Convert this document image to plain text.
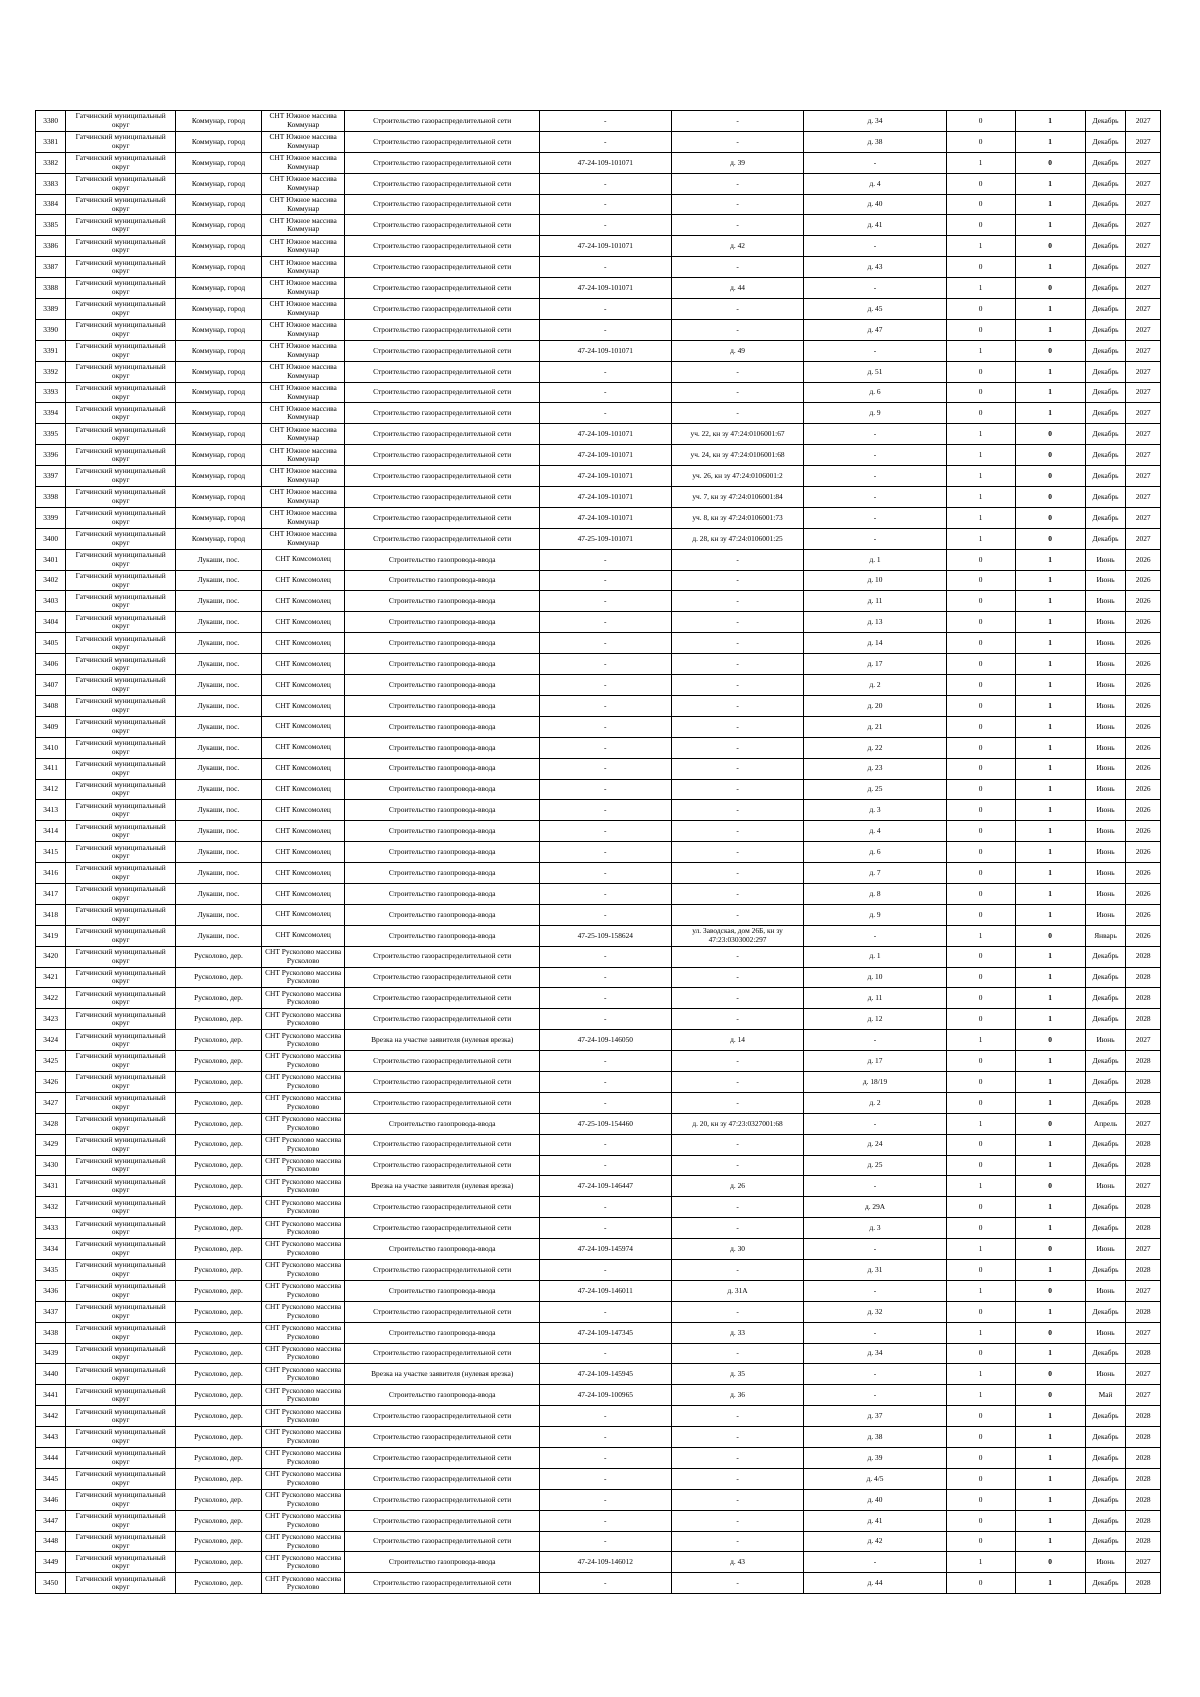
3380	Гатчинский муниципальный округ	Коммунар, город	СНТ Южное массива Коммунар	Строительство газораспределительной сети	-	-	д. 34	0	1	Декабрь	2027
3381	Гатчинский муниципальный округ	Коммунар, город	СНТ Южное массива Коммунар	Строительство газораспределительной сети	-	-	д. 38	0	1	Декабрь	2027
3382	Гатчинский муниципальный округ	Коммунар, город	СНТ Южное массива Коммунар	Строительство газораспределительной сети	47-24-109-101071	д. 39	-	1	0	Декабрь	2027
3383	Гатчинский муниципальный округ	Коммунар, город	СНТ Южное массива Коммунар	Строительство газораспределительной сети	-	-	д. 4	0	1	Декабрь	2027
3384	Гатчинский муниципальный округ	Коммунар, город	СНТ Южное массива Коммунар	Строительство газораспределительной сети	-	-	д. 40	0	1	Декабрь	2027
3385	Гатчинский муниципальный округ	Коммунар, город	СНТ Южное массива Коммунар	Строительство газораспределительной сети	-	-	д. 41	0	1	Декабрь	2027
3386	Гатчинский муниципальный округ	Коммунар, город	СНТ Южное массива Коммунар	Строительство газораспределительной сети	47-24-109-101071	д. 42	-	1	0	Декабрь	2027
3387	Гатчинский муниципальный округ	Коммунар, город	СНТ Южное массива Коммунар	Строительство газораспределительной сети	-	-	д. 43	0	1	Декабрь	2027
3388	Гатчинский муниципальный округ	Коммунар, город	СНТ Южное массива Коммунар	Строительство газораспределительной сети	47-24-109-101071	д. 44	-	1	0	Декабрь	2027
3389	Гатчинский муниципальный округ	Коммунар, город	СНТ Южное массива Коммунар	Строительство газораспределительной сети	-	-	д. 45	0	1	Декабрь	2027
3390	Гатчинский муниципальный округ	Коммунар, город	СНТ Южное массива Коммунар	Строительство газораспределительной сети	-	-	д. 47	0	1	Декабрь	2027
3391	Гатчинский муниципальный округ	Коммунар, город	СНТ Южное массива Коммунар	Строительство газораспределительной сети	47-24-109-101071	д. 49	-	1	0	Декабрь	2027
3392	Гатчинский муниципальный округ	Коммунар, город	СНТ Южное массива Коммунар	Строительство газораспределительной сети	-	-	д. 51	0	1	Декабрь	2027
3393	Гатчинский муниципальный округ	Коммунар, город	СНТ Южное массива Коммунар	Строительство газораспределительной сети	-	-	д. 6	0	1	Декабрь	2027
3394	Гатчинский муниципальный округ	Коммунар, город	СНТ Южное массива Коммунар	Строительство газораспределительной сети	-	-	д. 9	0	1	Декабрь	2027
3395	Гатчинский муниципальный округ	Коммунар, город	СНТ Южное массива Коммунар	Строительство газораспределительной сети	47-24-109-101071	уч. 22, кн зу 47:24:0106001:67	-	1	0	Декабрь	2027
3396	Гатчинский муниципальный округ	Коммунар, город	СНТ Южное массива Коммунар	Строительство газораспределительной сети	47-24-109-101071	уч. 24, кн зу 47:24:0106001:68	-	1	0	Декабрь	2027
3397	Гатчинский муниципальный округ	Коммунар, город	СНТ Южное массива Коммунар	Строительство газораспределительной сети	47-24-109-101071	уч. 26, кн зу 47:24:0106001:2	-	1	0	Декабрь	2027
3398	Гатчинский муниципальный округ	Коммунар, город	СНТ Южное массива Коммунар	Строительство газораспределительной сети	47-24-109-101071	уч. 7, кн зу 47:24:0106001:84	-	1	0	Декабрь	2027
3399	Гатчинский муниципальный округ	Коммунар, город	СНТ Южное массива Коммунар	Строительство газораспределительной сети	47-24-109-101071	уч. 8, кн зу 47:24:0106001:73	-	1	0	Декабрь	2027
3400	Гатчинский муниципальный округ	Коммунар, город	СНТ Южное массива Коммунар	Строительство газораспределительной сети	47-25-109-101071	д. 28, кн зу 47:24:0106001:25	-	1	0	Декабрь	2027
3401	Гатчинский муниципальный округ	Лукаши, пос.	СНТ Комсомолец	Строительство газопровода-ввода	-	-	д. 1	0	1	Июнь	2026
3402	Гатчинский муниципальный округ	Лукаши, пос.	СНТ Комсомолец	Строительство газопровода-ввода	-	-	д. 10	0	1	Июнь	2026
3403	Гатчинский муниципальный округ	Лукаши, пос.	СНТ Комсомолец	Строительство газопровода-ввода	-	-	д. 11	0	1	Июнь	2026
3404	Гатчинский муниципальный округ	Лукаши, пос.	СНТ Комсомолец	Строительство газопровода-ввода	-	-	д. 13	0	1	Июнь	2026
3405	Гатчинский муниципальный округ	Лукаши, пос.	СНТ Комсомолец	Строительство газопровода-ввода	-	-	д. 14	0	1	Июнь	2026
3406	Гатчинский муниципальный округ	Лукаши, пос.	СНТ Комсомолец	Строительство газопровода-ввода	-	-	д. 17	0	1	Июнь	2026
3407	Гатчинский муниципальный округ	Лукаши, пос.	СНТ Комсомолец	Строительство газопровода-ввода	-	-	д. 2	0	1	Июнь	2026
3408	Гатчинский муниципальный округ	Лукаши, пос.	СНТ Комсомолец	Строительство газопровода-ввода	-	-	д. 20	0	1	Июнь	2026
3409	Гатчинский муниципальный округ	Лукаши, пос.	СНТ Комсомолец	Строительство газопровода-ввода	-	-	д. 21	0	1	Июнь	2026
3410	Гатчинский муниципальный округ	Лукаши, пос.	СНТ Комсомолец	Строительство газопровода-ввода	-	-	д. 22	0	1	Июнь	2026
3411	Гатчинский муниципальный округ	Лукаши, пос.	СНТ Комсомолец	Строительство газопровода-ввода	-	-	д. 23	0	1	Июнь	2026
3412	Гатчинский муниципальный округ	Лукаши, пос.	СНТ Комсомолец	Строительство газопровода-ввода	-	-	д. 25	0	1	Июнь	2026
3413	Гатчинский муниципальный округ	Лукаши, пос.	СНТ Комсомолец	Строительство газопровода-ввода	-	-	д. 3	0	1	Июнь	2026
3414	Гатчинский муниципальный округ	Лукаши, пос.	СНТ Комсомолец	Строительство газопровода-ввода	-	-	д. 4	0	1	Июнь	2026
3415	Гатчинский муниципальный округ	Лукаши, пос.	СНТ Комсомолец	Строительство газопровода-ввода	-	-	д. 6	0	1	Июнь	2026
3416	Гатчинский муниципальный округ	Лукаши, пос.	СНТ Комсомолец	Строительство газопровода-ввода	-	-	д. 7	0	1	Июнь	2026
3417	Гатчинский муниципальный округ	Лукаши, пос.	СНТ Комсомолец	Строительство газопровода-ввода	-	-	д. 8	0	1	Июнь	2026
3418	Гатчинский муниципальный округ	Лукаши, пос.	СНТ Комсомолец	Строительство газопровода-ввода	-	-	д. 9	0	1	Июнь	2026
3419	Гатчинский муниципальный округ	Лукаши, пос.	СНТ Комсомолец	Строительство газопровода-ввода	47-25-109-158624	ул. Заводская, дом 26Б, кн зу 47:23:0303002:297	-	1	0	Январь	2026
3420	Гатчинский муниципальный округ	Русколово, дер.	СНТ Русколово массива Русколово	Строительство газораспределительной сети	-	-	д. 1	0	1	Декабрь	2028
3421	Гатчинский муниципальный округ	Русколово, дер.	СНТ Русколово массива Русколово	Строительство газораспределительной сети	-	-	д. 10	0	1	Декабрь	2028
3422	Гатчинский муниципальный округ	Русколово, дер.	СНТ Русколово массива Русколово	Строительство газораспределительной сети	-	-	д. 11	0	1	Декабрь	2028
3423	Гатчинский муниципальный округ	Русколово, дер.	СНТ Русколово массива Русколово	Строительство газораспределительной сети	-	-	д. 12	0	1	Декабрь	2028
3424	Гатчинский муниципальный округ	Русколово, дер.	СНТ Русколово массива Русколово	Врезка на участке заявителя (нулевая врезка)	47-24-109-146050	д. 14	-	1	0	Июнь	2027
3425	Гатчинский муниципальный округ	Русколово, дер.	СНТ Русколово массива Русколово	Строительство газораспределительной сети	-	-	д. 17	0	1	Декабрь	2028
3426	Гатчинский муниципальный округ	Русколово, дер.	СНТ Русколово массива Русколово	Строительство газораспределительной сети	-	-	д. 18/19	0	1	Декабрь	2028
3427	Гатчинский муниципальный округ	Русколово, дер.	СНТ Русколово массива Русколово	Строительство газораспределительной сети	-	-	д. 2	0	1	Декабрь	2028
3428	Гатчинский муниципальный округ	Русколово, дер.	СНТ Русколово массива Русколово	Строительство газопровода-ввода	47-25-109-154460	д. 20, кн зу 47:23:0327001:68	-	1	0	Апрель	2027
3429	Гатчинский муниципальный округ	Русколово, дер.	СНТ Русколово массива Русколово	Строительство газораспределительной сети	-	-	д. 24	0	1	Декабрь	2028
3430	Гатчинский муниципальный округ	Русколово, дер.	СНТ Русколово массива Русколово	Строительство газораспределительной сети	-	-	д. 25	0	1	Декабрь	2028
3431	Гатчинский муниципальный округ	Русколово, дер.	СНТ Русколово массива Русколово	Врезка на участке заявителя (нулевая врезка)	47-24-109-146447	д. 26	-	1	0	Июнь	2027
3432	Гатчинский муниципальный округ	Русколово, дер.	СНТ Русколово массива Русколово	Строительство газораспределительной сети	-	-	д. 29А	0	1	Декабрь	2028
3433	Гатчинский муниципальный округ	Русколово, дер.	СНТ Русколово массива Русколово	Строительство газораспределительной сети	-	-	д. 3	0	1	Декабрь	2028
3434	Гатчинский муниципальный округ	Русколово, дер.	СНТ Русколово массива Русколово	Строительство газопровода-ввода	47-24-109-145974	д. 30	-	1	0	Июнь	2027
3435	Гатчинский муниципальный округ	Русколово, дер.	СНТ Русколово массива Русколово	Строительство газораспределительной сети	-	-	д. 31	0	1	Декабрь	2028
3436	Гатчинский муниципальный округ	Русколово, дер.	СНТ Русколово массива Русколово	Строительство газопровода-ввода	47-24-109-146011	д. 31А	-	1	0	Июнь	2027
3437	Гатчинский муниципальный округ	Русколово, дер.	СНТ Русколово массива Русколово	Строительство газораспределительной сети	-	-	д. 32	0	1	Декабрь	2028
3438	Гатчинский муниципальный округ	Русколово, дер.	СНТ Русколово массива Русколово	Строительство газопровода-ввода	47-24-109-147345	д. 33	-	1	0	Июнь	2027
3439	Гатчинский муниципальный округ	Русколово, дер.	СНТ Русколово массива Русколово	Строительство газораспределительной сети	-	-	д. 34	0	1	Декабрь	2028
3440	Гатчинский муниципальный округ	Русколово, дер.	СНТ Русколово массива Русколово	Врезка на участке заявителя (нулевая врезка)	47-24-109-145945	д. 35	-	1	0	Июнь	2027
3441	Гатчинский муниципальный округ	Русколово, дер.	СНТ Русколово массива Русколово	Строительство газопровода-ввода	47-24-109-100965	д. 36	-	1	0	Май	2027
3442	Гатчинский муниципальный округ	Русколово, дер.	СНТ Русколово массива Русколово	Строительство газораспределительной сети	-	-	д. 37	0	1	Декабрь	2028
3443	Гатчинский муниципальный округ	Русколово, дер.	СНТ Русколово массива Русколово	Строительство газораспределительной сети	-	-	д. 38	0	1	Декабрь	2028
3444	Гатчинский муниципальный округ	Русколово, дер.	СНТ Русколово массива Русколово	Строительство газораспределительной сети	-	-	д. 39	0	1	Декабрь	2028
3445	Гатчинский муниципальный округ	Русколово, дер.	СНТ Русколово массива Русколово	Строительство газораспределительной сети	-	-	д. 4/5	0	1	Декабрь	2028
3446	Гатчинский муниципальный округ	Русколово, дер.	СНТ Русколово массива Русколово	Строительство газораспределительной сети	-	-	д. 40	0	1	Декабрь	2028
3447	Гатчинский муниципальный округ	Русколово, дер.	СНТ Русколово массива Русколово	Строительство газораспределительной сети	-	-	д. 41	0	1	Декабрь	2028
3448	Гатчинский муниципальный округ	Русколово, дер.	СНТ Русколово массива Русколово	Строительство газораспределительной сети	-	-	д. 42	0	1	Декабрь	2028
3449	Гатчинский муниципальный округ	Русколово, дер.	СНТ Русколово массива Русколово	Строительство газопровода-ввода	47-24-109-146012	д. 43	-	1	0	Июнь	2027
3450	Гатчинский муниципальный округ	Русколово, дер.	СНТ Русколово массива Русколово	Строительство газораспределительной сети	-	-	д. 44	0	1	Декабрь	2028
